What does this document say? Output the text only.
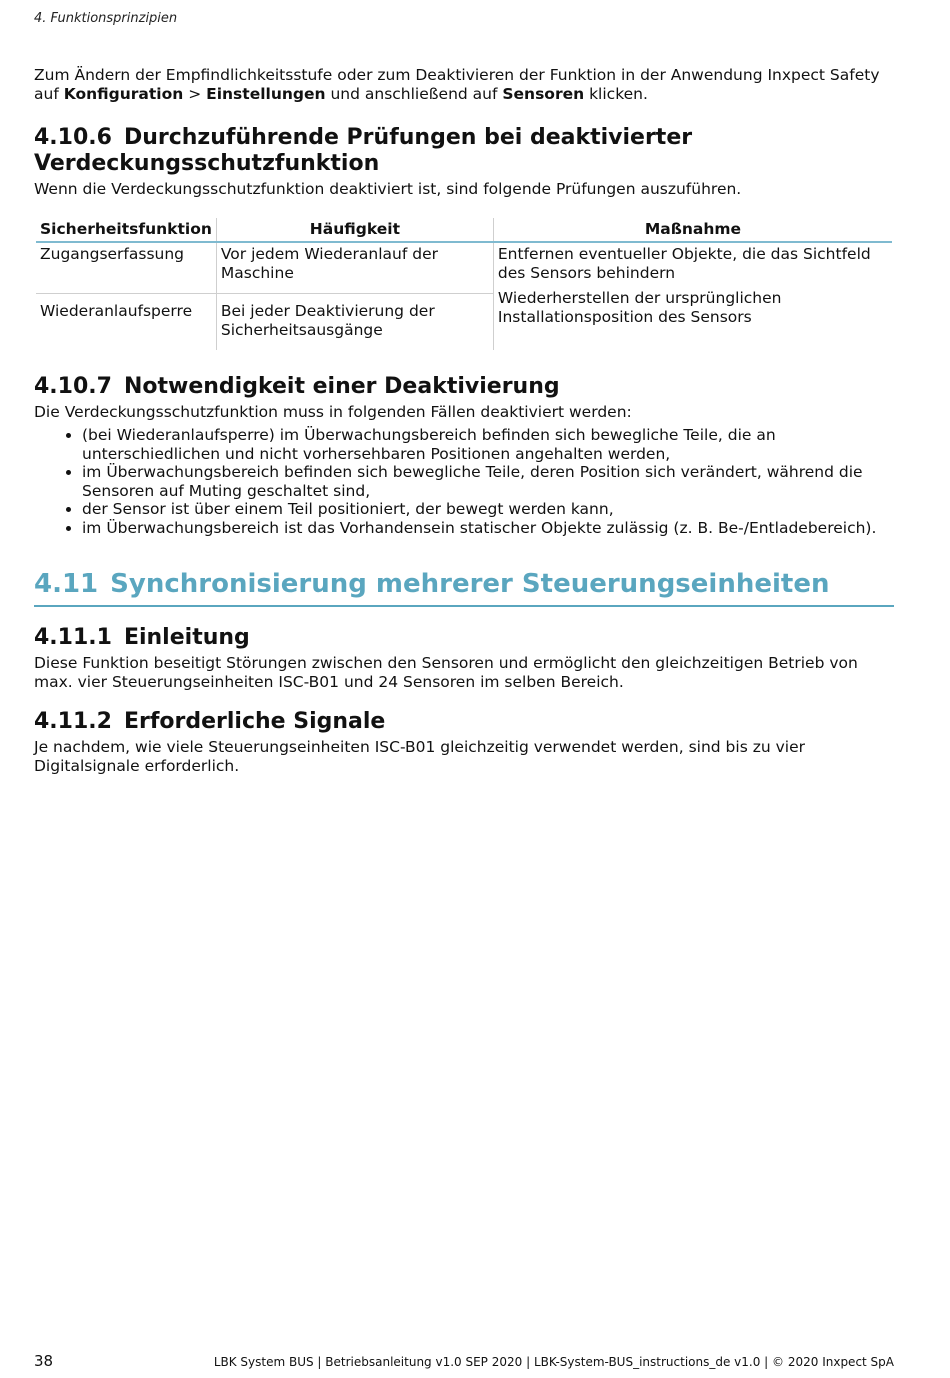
4. Funktionsprinzipien

Zum Ändern der Empfindlichkeitsstufe oder zum Deaktivieren der Funktion in der Anwendung Inxpect Safety auf Konfiguration > Einstellungen und anschließend auf Sensoren klicken.

4.10.6 Durchzuführende Prüfungen bei deaktivierter Verdeckungsschutzfunktion

Wenn die Verdeckungsschutzfunktion deaktiviert ist, sind folgende Prüfungen auszuführen.

Sicherheitsfunktion	Häufigkeit	Maßnahme
Zugangserfassung	Vor jedem Wiederanlauf der Maschine	Entfernen eventueller Objekte, die das Sichtfeld des Sensors behindern
Wiederherstellen der ursprünglichen Installationsposition des Sensors

Wiederanlaufsperre	Bei jeder Deaktivierung der Sicherheitsausgänge	
4.10.7 Notwendigkeit einer Deaktivierung

Die Verdeckungsschutzfunktion muss in folgenden Fällen deaktiviert werden:

• (bei Wiederanlaufsperre) im Überwachungsbereich befinden sich bewegliche Teile, die an unterschiedlichen und nicht vorhersehbaren Positionen angehalten werden,
• im Überwachungsbereich befinden sich bewegliche Teile, deren Position sich verändert, während die Sensoren auf Muting geschaltet sind,
• der Sensor ist über einem Teil positioniert, der bewegt werden kann,
• im Überwachungsbereich ist das Vorhandensein statischer Objekte zulässig (z. B. Be-/Entladebereich).
4.11 Synchronisierung mehrerer Steuerungseinheiten
4.11.1 Einleitung

Diese Funktion beseitigt Störungen zwischen den Sensoren und ermöglicht den gleichzeitigen Betrieb von max. vier Steuerungseinheiten ISC-B01 und 24 Sensoren im selben Bereich.

4.11.2 Erforderliche Signale

Je nachdem, wie viele Steuerungseinheiten ISC-B01 gleichzeitig verwendet werden, sind bis zu vier Digitalsignale erforderlich.

38	LBK System BUS | Betriebsanleitung v1.0 SEP 2020 | LBK-System-BUS_instructions_de v1.0 | © 2020 Inxpect SpA
